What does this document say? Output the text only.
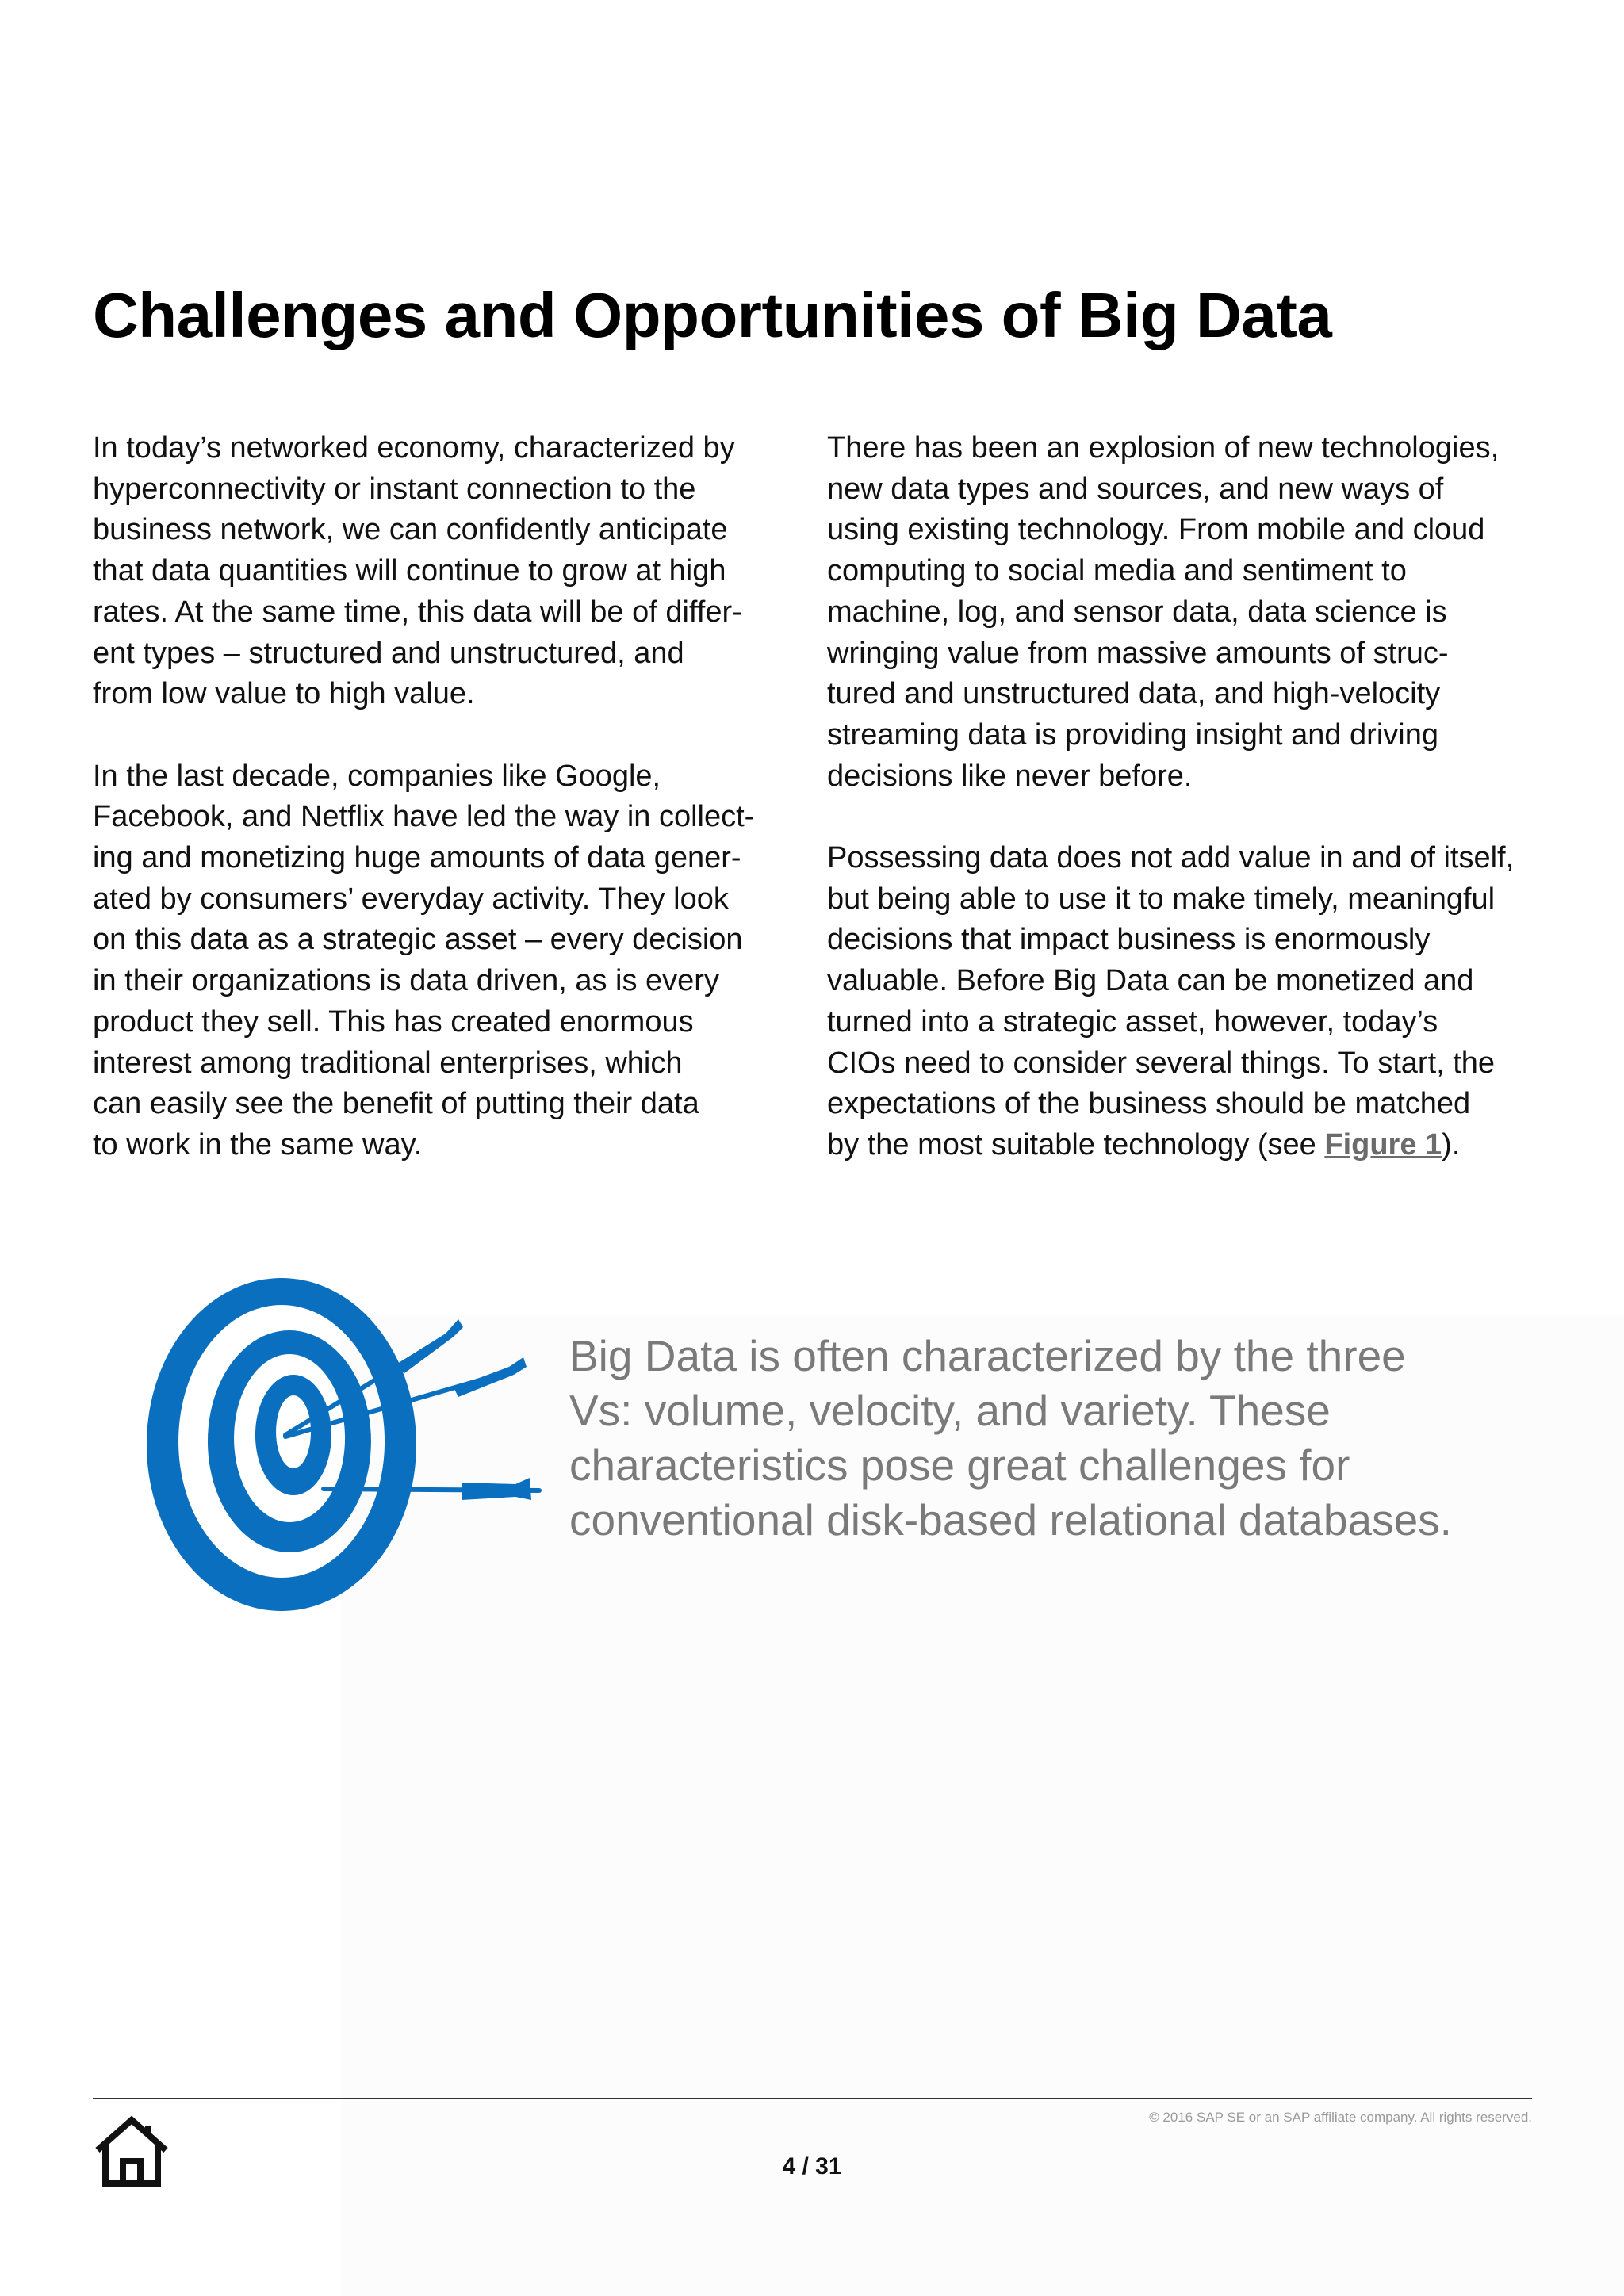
Challenges and Opportunities of Big Data

In today’s networked economy, characterized by
hyperconnectivity or instant connection to the
business network, we can confidently anticipate
that data quantities will continue to grow at high
rates. At the same time, this data will be of differ-
ent types – structured and unstructured, and
from low value to high value.

In the last decade, companies like Google,
Facebook, and Netflix have led the way in collect-
ing and monetizing huge amounts of data gener-
ated by consumers’ everyday activity. They look
on this data as a strategic asset – every decision
in their organizations is data driven, as is every
product they sell. This has created enormous
interest among traditional enterprises, which
can easily see the benefit of putting their data
to work in the same way.

There has been an explosion of new technologies,
new data types and sources, and new ways of
using existing technology. From mobile and cloud
computing to social media and sentiment to
machine, log, and sensor data, data science is
wringing value from massive amounts of struc-
tured and unstructured data, and high-velocity
streaming data is providing insight and driving
decisions like never before.

Possessing data does not add value in and of itself,
but being able to use it to make timely, meaningful
decisions that impact business is enormously
valuable. Before Big Data can be monetized and
turned into a strategic asset, however, today’s
CIOs need to consider several things. To start, the
expectations of the business should be matched
by the most suitable technology (see Figure 1).

Big Data is often characterized by the three
Vs: volume, velocity, and variety. These
characteristics pose great challenges for
conventional disk-based relational databases.
© 2016 SAP SE or an SAP affiliate company. All rights reserved.
4 / 31
